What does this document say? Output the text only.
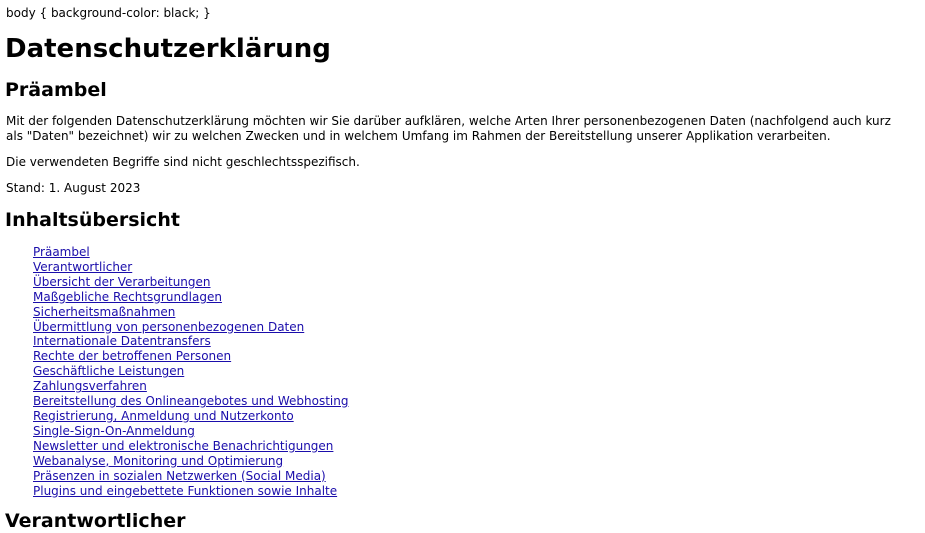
body { background-color: black; }
Datenschutzerklärung
Präambel

Mit der folgenden Datenschutzerklärung möchten wir Sie darüber aufklären, welche Arten Ihrer personenbezogenen Daten (nachfolgend auch kurz als "Daten" bezeichnet) wir zu welchen Zwecken und in welchem Umfang im Rahmen der Bereitstellung unserer Applikation verarbeiten.

Die verwendeten Begriffe sind nicht geschlechtsspezifisch.

Stand: 1. August 2023

Inhaltsübersicht
Präambel
Verantwortlicher
Übersicht der Verarbeitungen
Maßgebliche Rechtsgrundlagen
Sicherheitsmaßnahmen
Übermittlung von personenbezogenen Daten
Internationale Datentransfers
Rechte der betroffenen Personen
Geschäftliche Leistungen
Zahlungsverfahren
Bereitstellung des Onlineangebotes und Webhosting
Registrierung, Anmeldung und Nutzerkonto
Single-Sign-On-Anmeldung
Newsletter und elektronische Benachrichtigungen
Webanalyse, Monitoring und Optimierung
Präsenzen in sozialen Netzwerken (Social Media)
Plugins und eingebettete Funktionen sowie Inhalte
Verantwortlicher
